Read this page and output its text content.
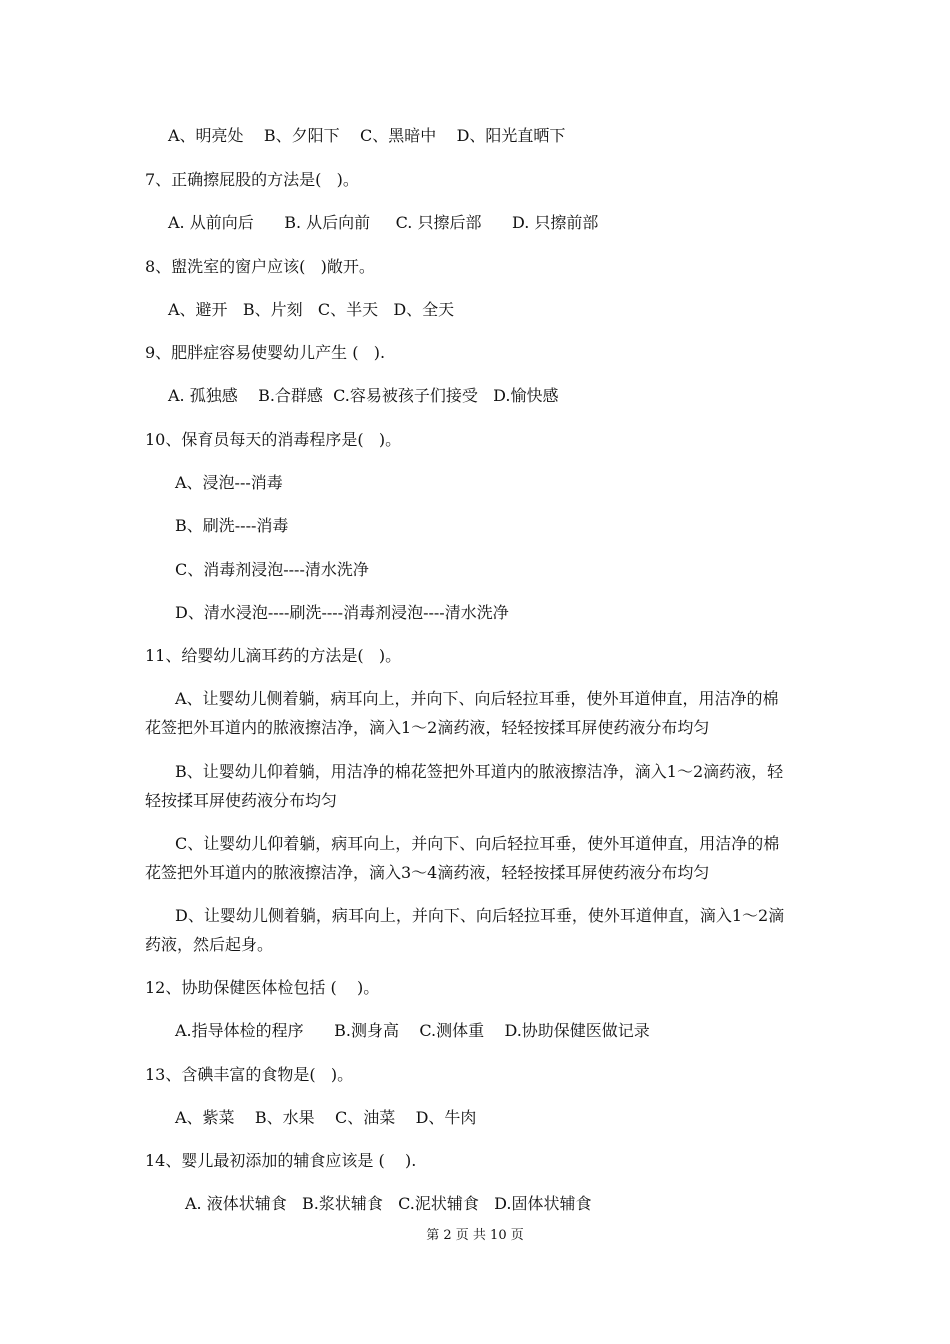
A、明亮处    B、夕阳下    C、黑暗中    D、阳光直晒下
7、正确擦屁股的方法是(   )。
A. 从前向后      B. 从后向前     C. 只擦后部      D. 只擦前部
8、盥洗室的窗户应该(   )敞开。
A、避开   B、片刻   C、半天   D、全天
9、肥胖症容易使婴幼儿产生 (   ).
A. 孤独感    B.合群感  C.容易被孩子们接受   D.愉快感
10、保育员每天的消毒程序是(   )。
A、浸泡---消毒
B、刷洗----消毒
C、消毒剂浸泡----清水洗净
D、清水浸泡----刷洗----消毒剂浸泡----清水洗净
11、给婴幼儿滴耳药的方法是(   )。
A、让婴幼儿侧着躺，病耳向上，并向下、向后轻拉耳垂，使外耳道伸直，用洁净的棉
花签把外耳道内的脓液擦洁净，滴入1～2滴药液，轻轻按揉耳屏使药液分布均匀
B、让婴幼儿仰着躺，用洁净的棉花签把外耳道内的脓液擦洁净，滴入1～2滴药液，轻
轻按揉耳屏使药液分布均匀
C、让婴幼儿仰着躺，病耳向上，并向下、向后轻拉耳垂，使外耳道伸直，用洁净的棉
花签把外耳道内的脓液擦洁净，滴入3～4滴药液，轻轻按揉耳屏使药液分布均匀
D、让婴幼儿侧着躺，病耳向上，并向下、向后轻拉耳垂，使外耳道伸直，滴入1～2滴
药液，然后起身。
12、协助保健医体检包括 (    )。
A.指导体检的程序      B.测身高    C.测体重    D.协助保健医做记录
13、含碘丰富的食物是(   )。
A、紫菜    B、水果    C、油菜    D、牛肉
14、婴儿最初添加的辅食应该是 (    ).
A. 液体状辅食   B.浆状辅食   C.泥状辅食   D.固体状辅食
第 2 页 共 10 页
